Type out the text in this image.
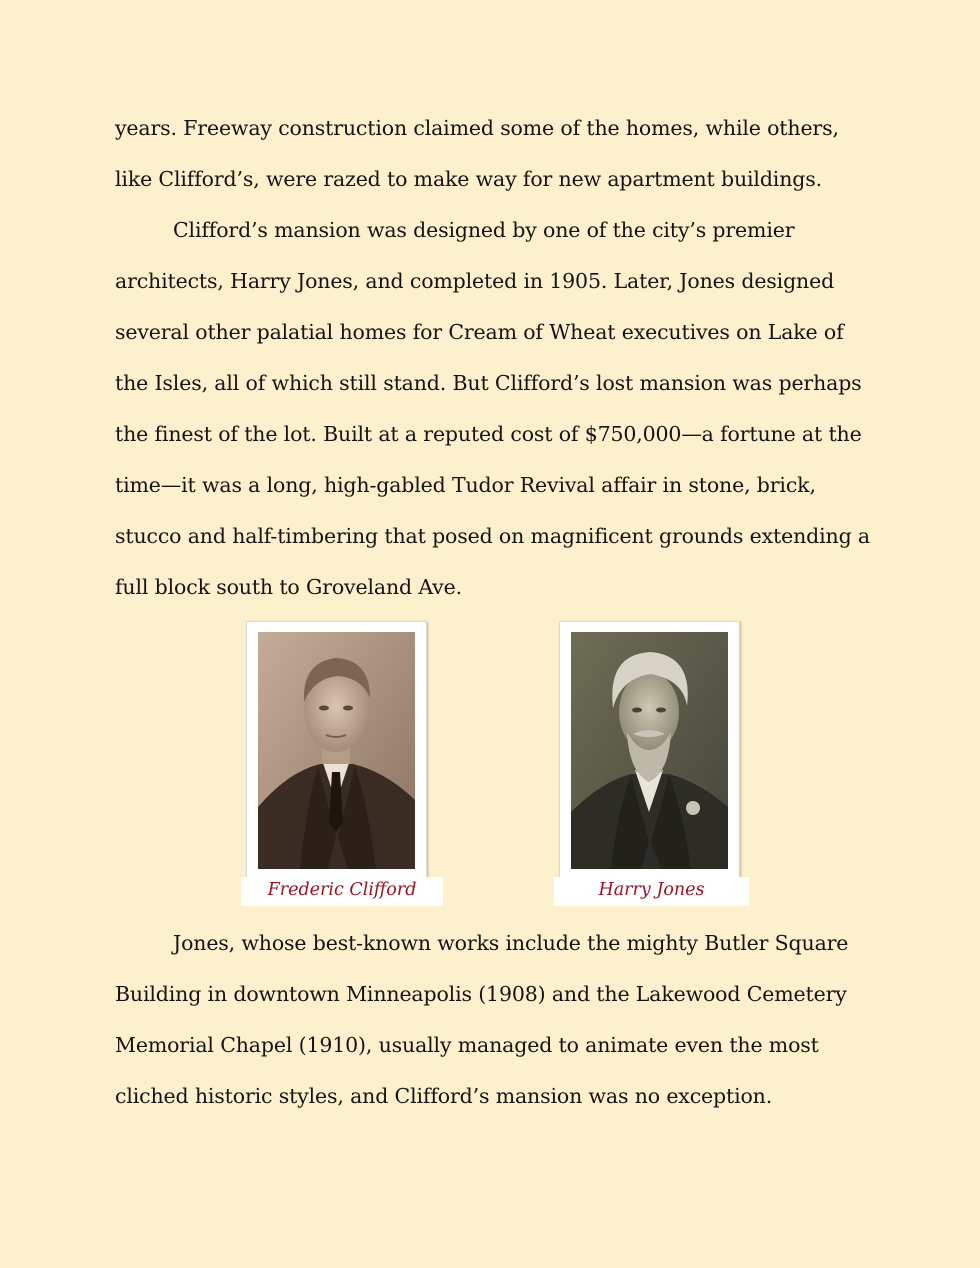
years. Freeway construction claimed some of the homes, while others, like Clifford’s, were razed to make way for new apartment buildings.

Clifford’s mansion was designed by one of the city’s premier architects, Harry Jones, and completed in 1905. Later, Jones designed several other palatial homes for Cream of Wheat executives on Lake of the Isles, all of which still stand. But Clifford’s lost mansion was perhaps the finest of the lot. Built at a reputed cost of $750,000—a fortune at the time—it was a long, high-gabled Tudor Revival affair in stone, brick, stucco and half-timbering that posed on magnificent grounds extending a full block south to Groveland Ave.

Frederic Clifford	Harry Jones

Jones, whose best-known works include the mighty Butler Square Building in downtown Minneapolis (1908) and the Lakewood Cemetery Memorial Chapel (1910), usually managed to animate even the most cliched historic styles, and Clifford’s mansion was no exception.
